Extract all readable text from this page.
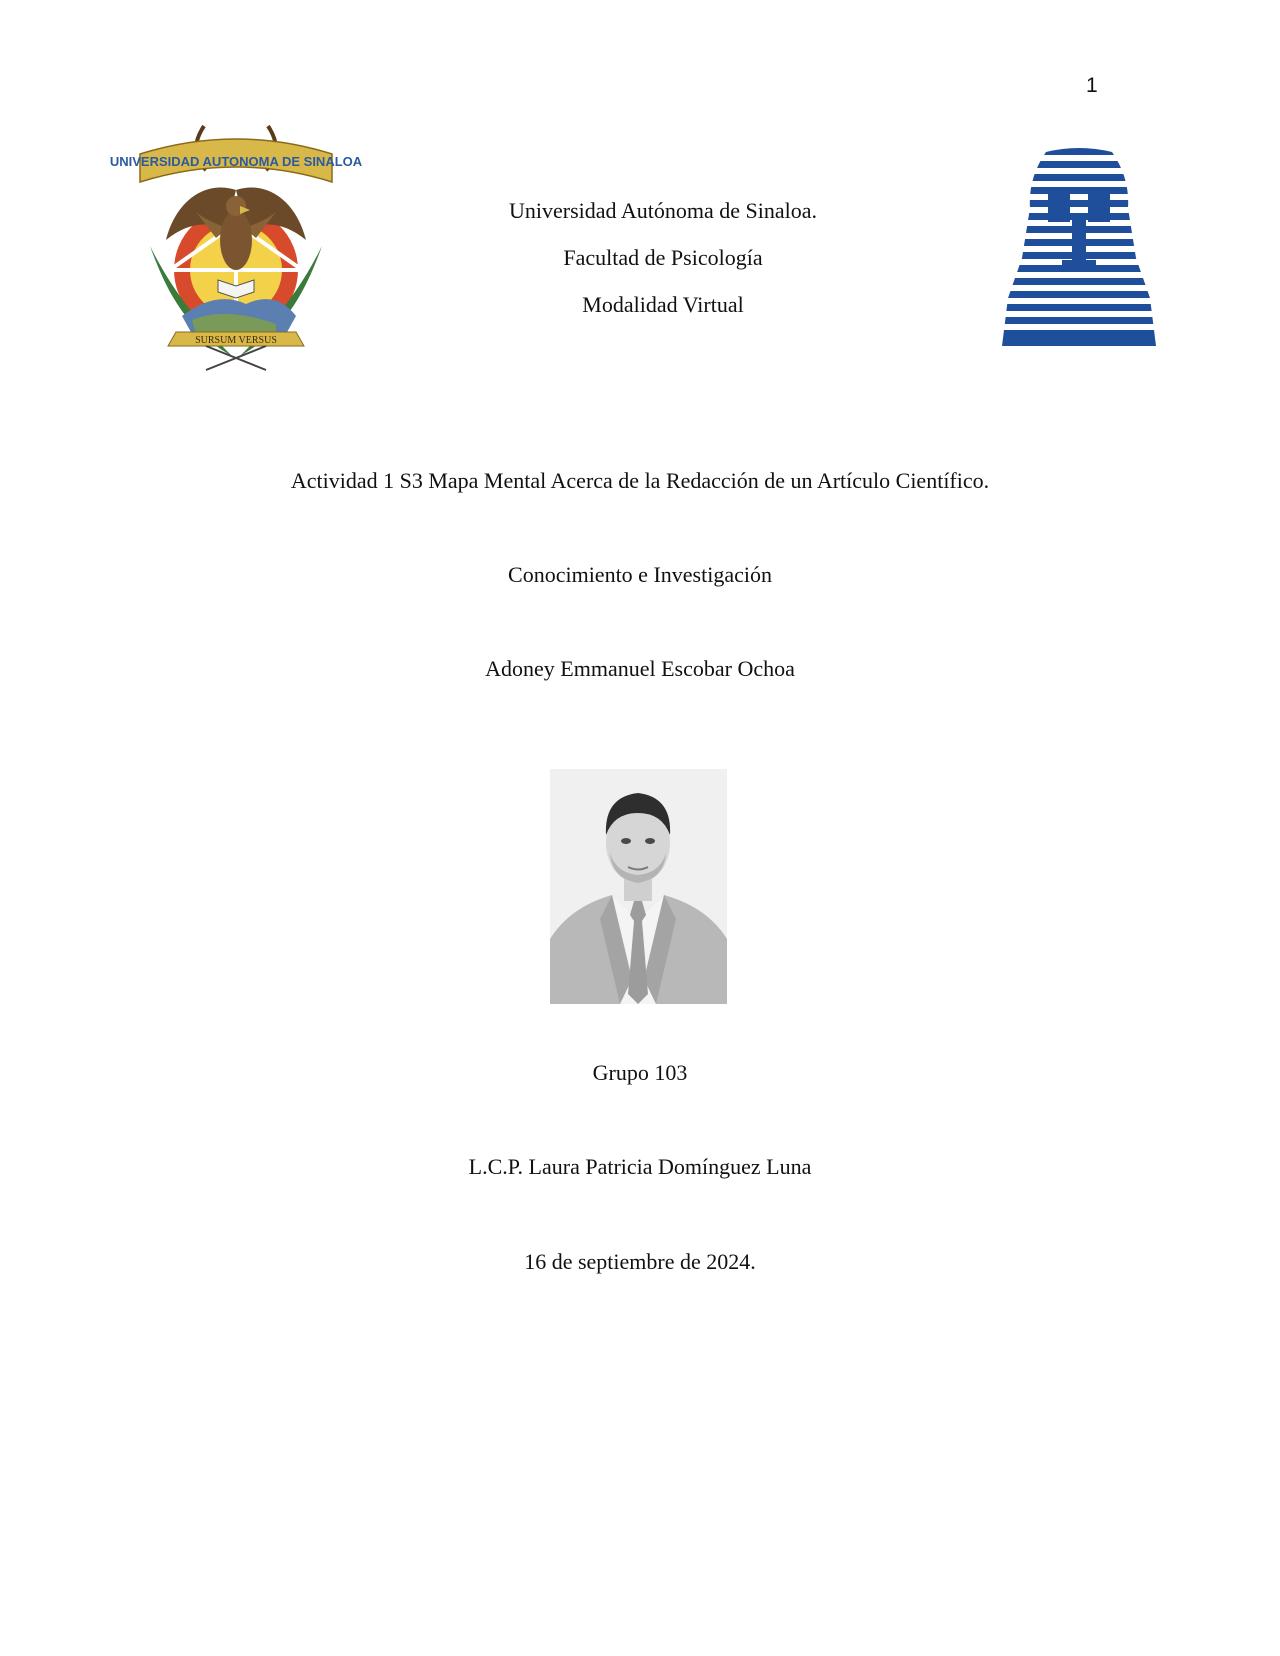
1
UNIVERSIDAD AUTONOMA DE SINALOA
SURSUM VERSUS
Universidad Autónoma de Sinaloa.
Facultad de Psicología
Modalidad Virtual
Actividad 1 S3 Mapa Mental Acerca de la Redacción de un Artículo Científico.
Conocimiento e Investigación
Adoney Emmanuel Escobar Ochoa
Grupo 103
L.C.P. Laura Patricia Domínguez Luna
16 de septiembre de 2024.
